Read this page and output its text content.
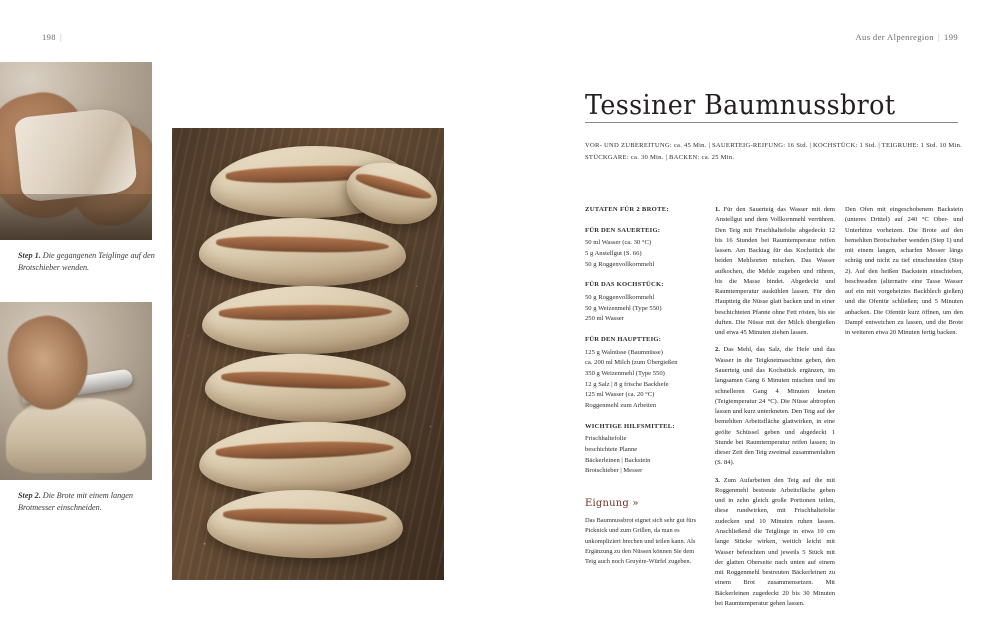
198 |	Aus der Alpenregion | 199
Step 1. Die gegangenen Teiglinge auf den Brotschieber wenden.
Step 2. Die Brote mit einem langen Brotmesser einschneiden.
Tessiner Baumnussbrot
VOR- UND ZUBEREITUNG: ca. 45 Min. | SAUERTEIG-REIFUNG: 16 Std. | KOCHSTÜCK: 1 Std. | TEIGRUHE: 1 Std. 10 Min.
STÜCKGARE: ca. 30 Min. | BACKEN: ca. 25 Min.
ZUTATEN FÜR 2 BROTE:
FÜR DEN SAUERTEIG:
50 ml Wasser (ca. 30 °C)
5 g Anstellgut (S. 66)
50 g Roggenvollkornmehl
FÜR DAS KOCHSTÜCK:
50 g Roggenvollkornmehl
50 g Weizenmehl (Type 550)
250 ml Wasser
FÜR DEN HAUPTTEIG:
125 g Walnüsse (Baumnüsse)
ca. 200 ml Milch (zum Übergießen
350 g Weizenmehl (Type 550)
12 g Salz | 8 g frische Backhefe
125 ml Wasser (ca. 20 °C)
Roggenmehl zum Arbeiten
WICHTIGE HILFSMITTEL:
Frischhaltefolie
beschichtete Planne
Bäckerleinen | Backstein
Brotschieber | Messer
Eignung »
Das Baumnussbrot eignet sich sehr gut fürs Picknick und zum Grillen, da man es unkompliziert brechen und teilen kann. Als Ergänzung zu den Nüssen können Sie dem Teig auch noch Gruyère-Würfel zugeben.

1. Für den Sauerteig das Wasser mit dem Anstellgut und dem Vollkornmehl verrühren. Den Teig mit Frischhaltefolie abgedeckt 12 bis 16 Stunden bei Raumtemperatur reifen lassen. Am Backtag für das Kochstück die beiden Mehlsorten mischen. Das Wasser aufkochen, die Mehle zugeben und rühren, bis die Masse bindet. Abgedeckt und Raumtemperatur auskühlen lassen. Für den Hauptteig die Nüsse glatt backen und in einer beschichteten Pfanne ohne Fett rösten, bis sie duften. Die Nüsse mit der Milch übergießen und etwa 45 Minuten ziehen lassen.

2. Das Mehl, das Salz, die Hefe und das Wasser in die Teigknetmaschine geben, den Sauerteig und das Kochstück ergänzen, im langsamen Gang 6 Minuten mischen und im schnelleren Gang 4 Minuten kneten (Teigtemperatur 24 °C). Die Nüsse abtropfen lassen und kurz unterkneten. Den Teig auf der bemehlten Arbeitsfläche glattwirken, in eine geölte Schüssel geben und abgedeckt 1 Stunde bei Raumtemperatur reifen lassen; in dieser Zeit den Teig zweimal zusammenfalten (S. 84).

3. Zum Aufarbeiten den Teig auf die mit Roggenmehl bestreute Arbeitsfläche geben und in zehn gleich große Portionen teilen, diese rundwirken, mit Frischhaltefolie zudecken und 10 Minuten ruhen lassen. Anschließend die Teiglinge in etwa 10 cm lange Stücke wirken, weitich leicht mit Wasser befeuchten und jeweils 5 Stück mit der glatten Oberseite nach unten auf einem mit Roggenmehl bestreuten Bäckerleinen zu einem Brot zusammensetzen. Mit Bäckerleinen zugedeckt 20 bis 30 Minuten bei Raumtemperatur gehen lassen.

Den Ofen mit eingeschobenem Backstein (unteres Drittel) auf 240 °C Ober- und Unterhitze vorheizen. Die Brote auf den bemehlten Brotschieber wenden (Step 1) und mit einem langen, scharfen Messer längs schräg und nicht zu tief einschneiden (Step 2). Auf den heißen Backstein einschieben, beschwaden (alternativ eine Tasse Wasser auf ein mit vorgeheiztes Backblech gießen) und die Ofentür schließen; und 5 Minuten anbacken. Die Ofentür kurz öffnen, um den Dampf entweichen zu lassen, und die Brote in weiteren etwa 20 Minuten fertig backen.
